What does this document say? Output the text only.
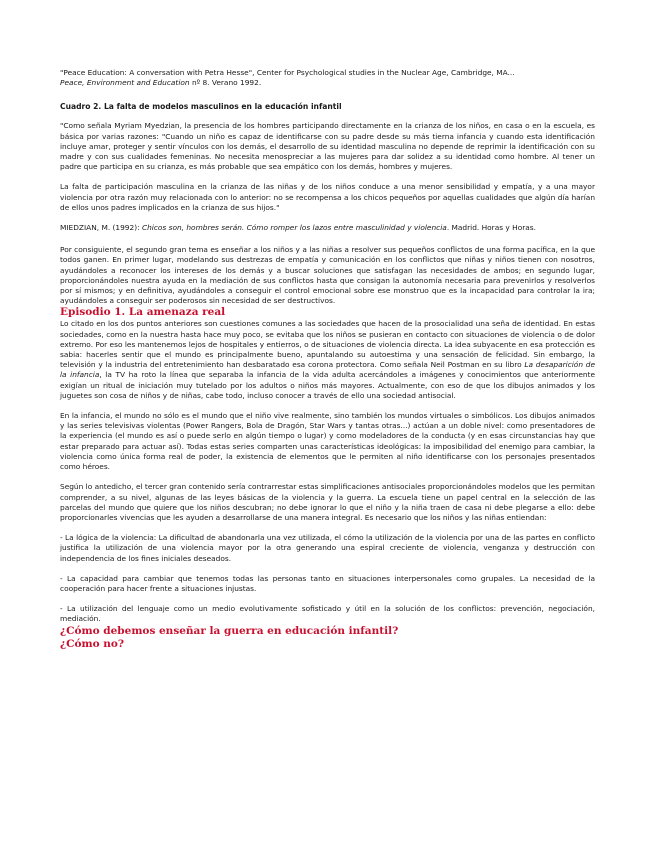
"Peace Education: A conversation with Petra Hesse", Center for Psychological studies in the Nuclear Age, Cambridge, MA...
Peace, Environment and Education nº 8. Verano 1992.

Cuadro 2. La falta de modelos masculinos en la educación infantil

"Como señala Myriam Myedzian, la presencia de los hombres participando directamente en la crianza de los niños, en casa o en la escuela, es básica por varias razones: "Cuando un niño es capaz de identificarse con su padre desde su más tierna infancia y cuando esta identificación incluye amar, proteger y sentir vínculos con los demás, el desarrollo de su identidad masculina no depende de reprimir la identificación con su madre y con sus cualidades femeninas. No necesita menospreciar a las mujeres para dar solidez a su identidad como hombre. Al tener un padre que participa en su crianza, es más probable que sea empático con los demás, hombres y mujeres.

La falta de participación masculina en la crianza de las niñas y de los niños conduce a una menor sensibilidad y empatía, y a una mayor violencia por otra razón muy relacionada con lo anterior: no se recompensa a los chicos pequeños por aquellas cualidades que algún día harían de ellos unos padres implicados en la crianza de sus hijos."

MIEDZIAN, M. (1992): Chicos son, hombres serán. Cómo romper los lazos entre masculinidad y violencia. Madrid. Horas y Horas.

Por consiguiente, el segundo gran tema es enseñar a los niños y a las niñas a resolver sus pequeños conflictos de una forma pacífica, en la que todos ganen. En primer lugar, modelando sus destrezas de empatía y comunicación en los conflictos que niñas y niños tienen con nosotros, ayudándoles a reconocer los intereses de los demás y a buscar soluciones que satisfagan las necesidades de ambos; en segundo lugar, proporcionándoles nuestra ayuda en la mediación de sus conflictos hasta que consigan la autonomía necesaria para prevenirlos y resolverlos por sí mismos; y en definitiva, ayudándoles a conseguir el control emocional sobre ese monstruo que es la incapacidad para controlar la ira; ayudándoles a conseguir ser poderosos sin necesidad de ser destructivos.

Episodio 1. La amenaza real

Lo citado en los dos puntos anteriores son cuestiones comunes a las sociedades que hacen de la prosocialidad una seña de identidad. En estas sociedades, como en la nuestra hasta hace muy poco, se evitaba que los niños se pusieran en contacto con situaciones de violencia o de dolor extremo. Por eso les mantenemos lejos de hospitales y entierros, o de situaciones de violencia directa. La idea subyacente en esa protección es sabia: hacerles sentir que el mundo es principalmente bueno, apuntalando su autoestima y una sensación de felicidad. Sin embargo, la televisión y la industria del entretenimiento han desbaratado esa corona protectora. Como señala Neil Postman en su libro La desaparición de la infancia, la TV ha roto la línea que separaba la infancia de la vida adulta acercándoles a imágenes y conocimientos que anteriormente exigían un ritual de iniciación muy tutelado por los adultos o niños más mayores. Actualmente, con eso de que los dibujos animados y los juguetes son cosa de niños y de niñas, cabe todo, incluso conocer a través de ello una sociedad antisocial.

En la infancia, el mundo no sólo es el mundo que el niño vive realmente, sino también los mundos virtuales o simbólicos. Los dibujos animados y las series televisivas violentas (Power Rangers, Bola de Dragón, Star Wars y tantas otras...) actúan a un doble nivel: como presentadores de la experiencia (el mundo es así o puede serlo en algún tiempo o lugar) y como modeladores de la conducta (y en esas circunstancias hay que estar preparado para actuar así). Todas estas series comparten unas características ideológicas: la imposibilidad del enemigo para cambiar, la violencia como única forma real de poder, la existencia de elementos que le permiten al niño identificarse con los personajes presentados como héroes.

Según lo antedicho, el tercer gran contenido sería contrarrestar estas simplificaciones antisociales proporcionándoles modelos que les permitan comprender, a su nivel, algunas de las leyes básicas de la violencia y la guerra. La escuela tiene un papel central en la selección de las parcelas del mundo que quiere que los niños descubran; no debe ignorar lo que el niño y la niña traen de casa ni debe plegarse a ello: debe proporcionarles vivencias que les ayuden a desarrollarse de una manera integral. Es necesario que los niños y las niñas entiendan:

- La lógica de la violencia: La dificultad de abandonarla una vez utilizada, el cómo la utilización de la violencia por una de las partes en conflicto justifica la utilización de una violencia mayor por la otra generando una espiral creciente de violencia, venganza y destrucción con independencia de los fines iniciales deseados.

- La capacidad para cambiar que tenemos todas las personas tanto en situaciones interpersonales como grupales. La necesidad de la cooperación para hacer frente a situaciones injustas.

- La utilización del lenguaje como un medio evolutivamente sofisticado y útil en la solución de los conflictos: prevención, negociación, mediación.

¿Cómo debemos enseñar la guerra en educación infantil?
¿Cómo no?
